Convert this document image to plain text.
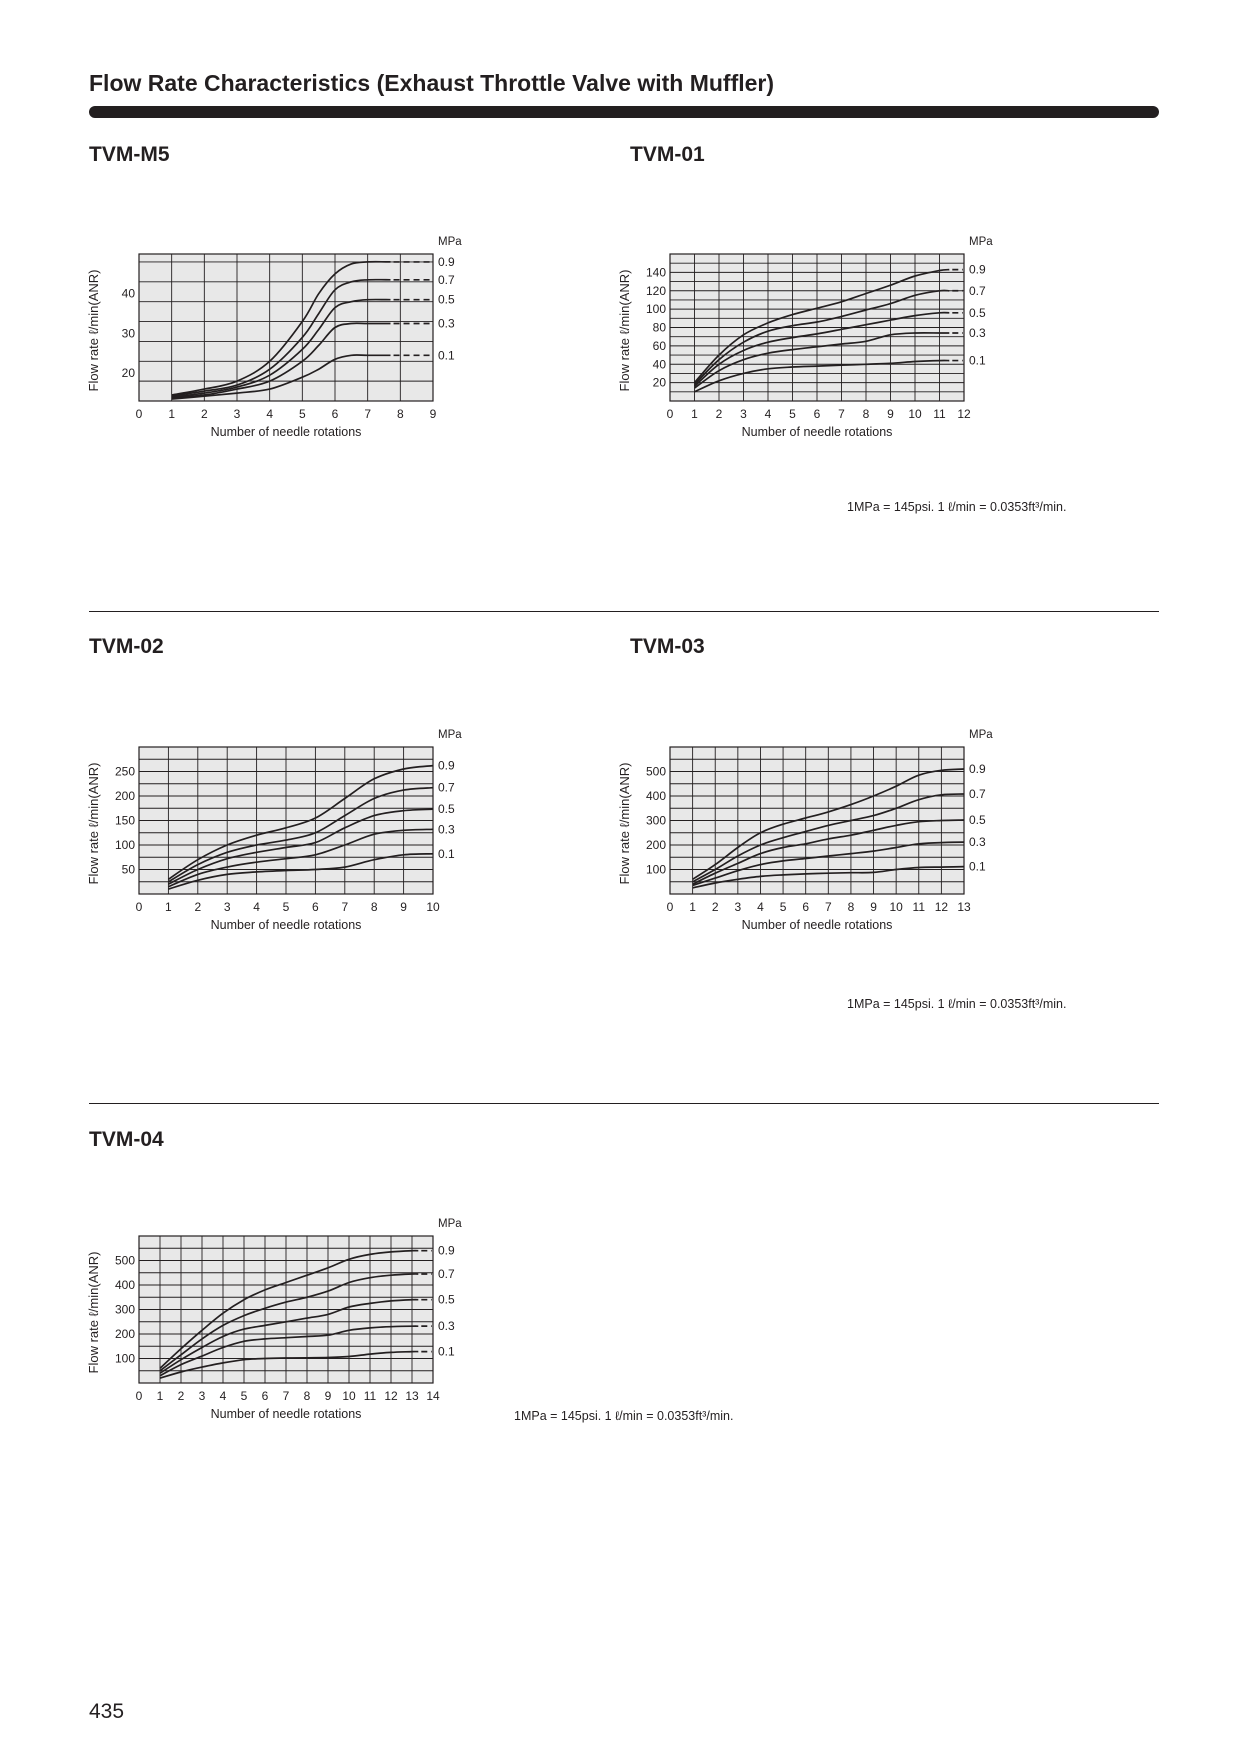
Flow Rate Characteristics (Exhaust Throttle Valve with Muffler)
TVM-M5
0 1 2 3 4 5 6 7 8 9
20
30
40
Number of needle rotations
Flow rate ℓ/min(ANR)
MPa
0.9
0.7
0.5
0.3
0.1
TVM-01
0 1 2 3 4 5 6 7 8 9 10 11 12
20
40
60
80
100
120
140
Number of needle rotations
Flow rate ℓ/min(ANR)
MPa
0.9
0.7
0.5
0.3
0.1
1MPa = 145psi. 1 ℓ/min = 0.0353ft³/min.
TVM-02
0 1 2 3 4 5 6 7 8 9 10
50
100
150
200
250
Number of needle rotations
Flow rate ℓ/min(ANR)
MPa
0.9
0.7
0.5
0.3
0.1
TVM-03
0 1 2 3 4 5 6 7 8 9 10 11 12 13
100
200
300
400
500
Number of needle rotations
Flow rate ℓ/min(ANR)
MPa
0.9
0.7
0.5
0.3
0.1
1MPa = 145psi. 1 ℓ/min = 0.0353ft³/min.
TVM-04
0 1 2 3 4 5 6 7 8 9 10 11 12 13 14
100
200
300
400
500
Number of needle rotations
Flow rate ℓ/min(ANR)
MPa
0.9
0.7
0.5
0.3
0.1
1MPa = 145psi. 1 ℓ/min = 0.0353ft³/min.
435
